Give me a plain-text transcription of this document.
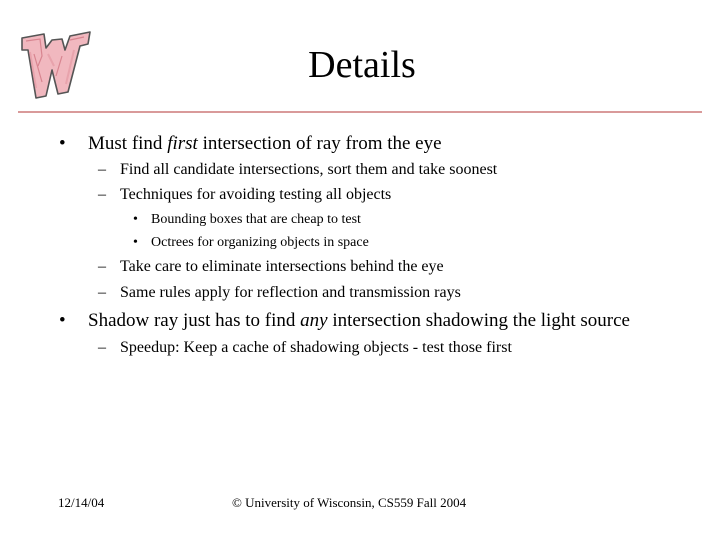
Details
• Must find first intersection of ray from the eye
– Find all candidate intersections, sort them and take soonest
– Techniques for avoiding testing all objects
• Bounding boxes that are cheap to test
• Octrees for organizing objects in space
– Take care to eliminate intersections behind the eye
– Same rules apply for reflection and transmission rays
• Shadow ray just has to find any intersection shadowing the light source
– Speedup: Keep a cache of shadowing objects - test those first
12/14/04	© University of Wisconsin, CS559 Fall 2004
